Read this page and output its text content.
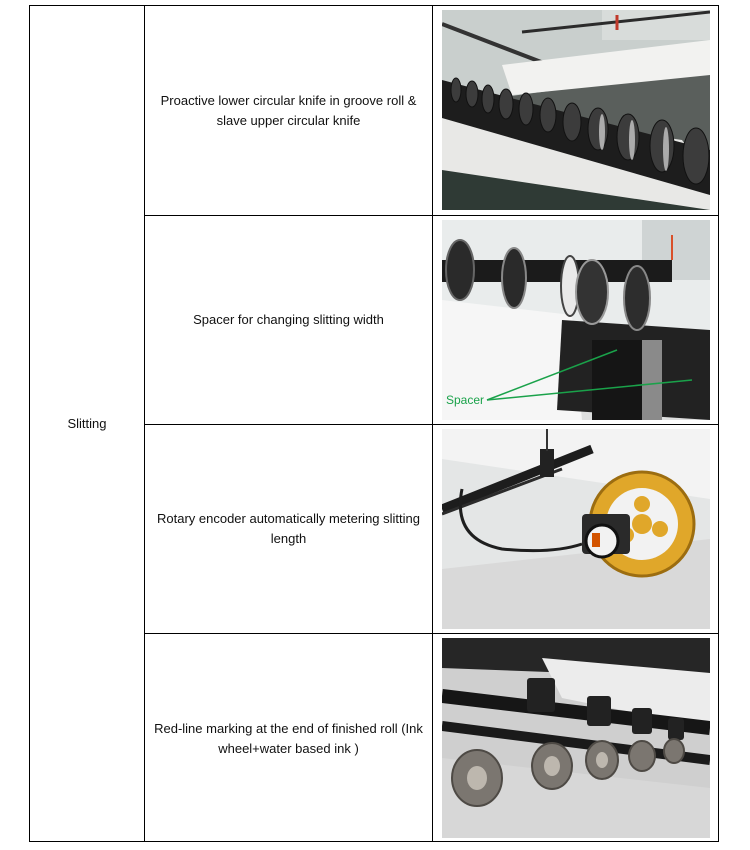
Slitting
Proactive lower circular knife in groove roll & slave upper circular knife
Spacer for changing slitting width
Spacer
Rotary encoder automatically metering slitting length
Red-line marking at the end of finished roll (Ink wheel+water based ink )
